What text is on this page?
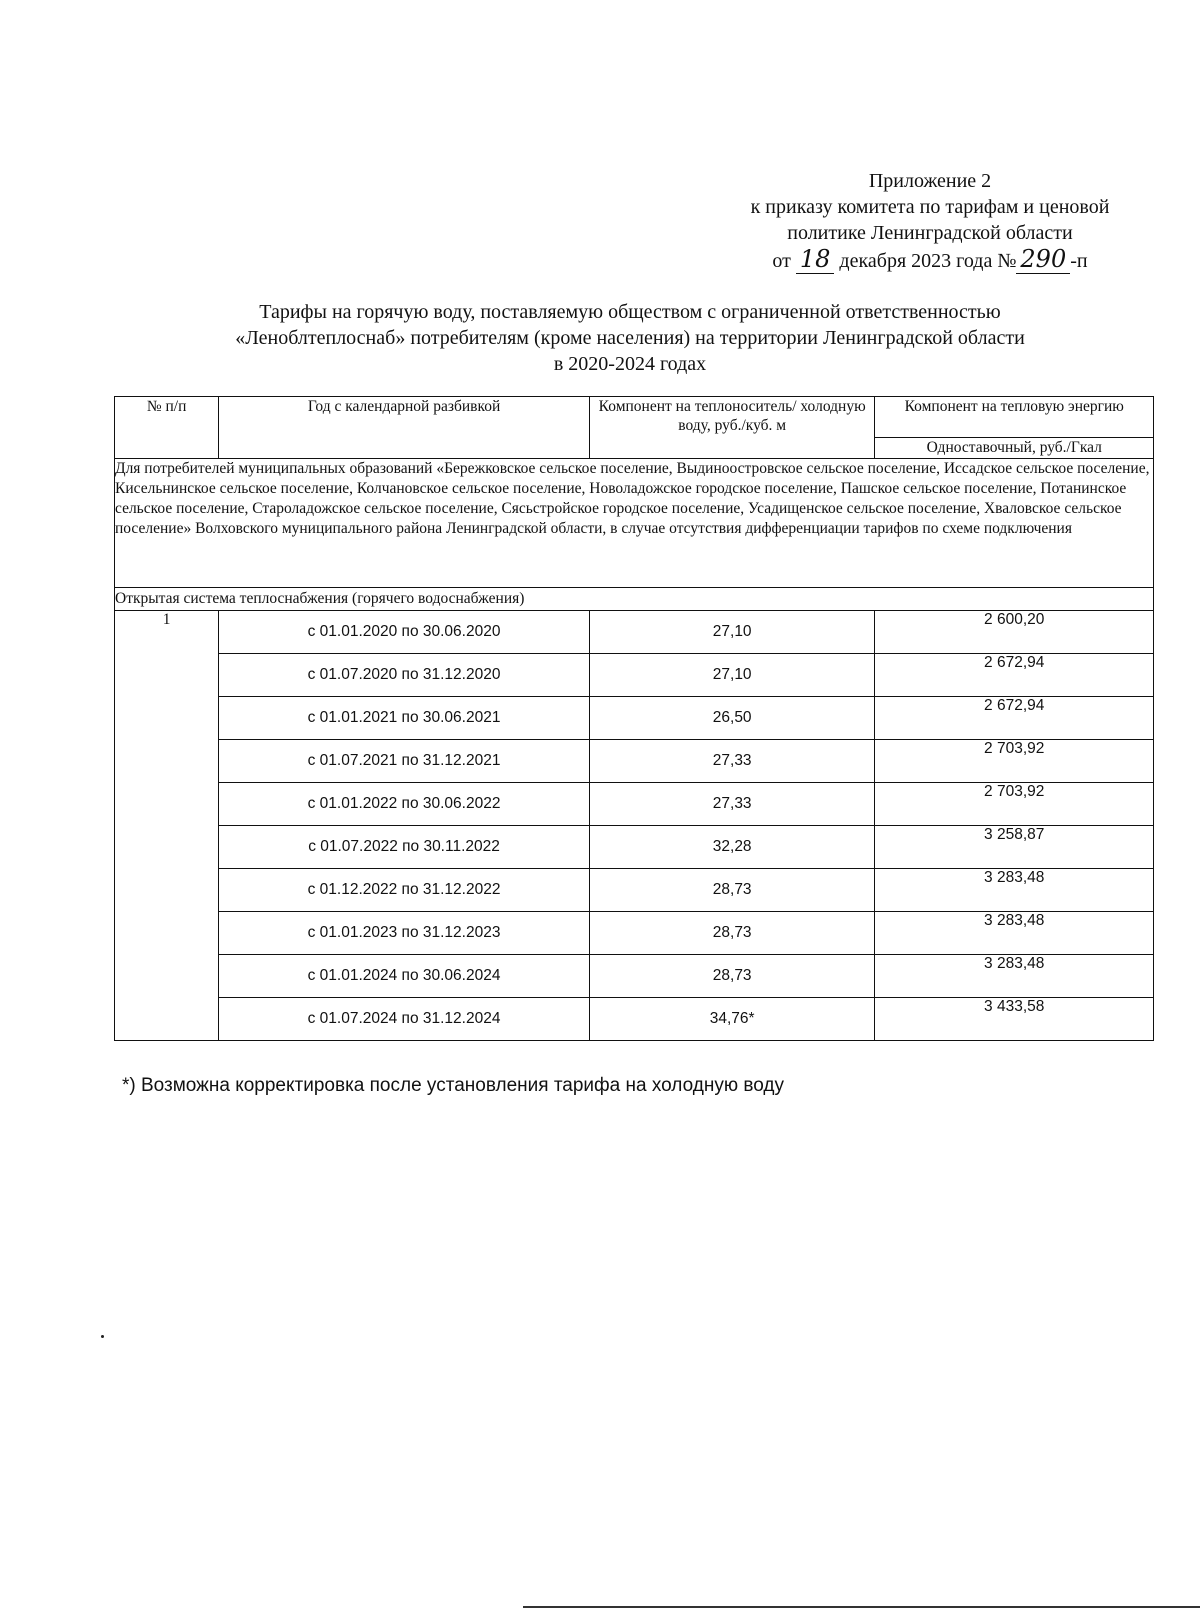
Приложение 2
к приказу комитета по тарифам и ценовой
политике Ленинградской области
от 18 декабря 2023 года № 290 -п
Тарифы на горячую воду, поставляемую обществом с ограниченной ответственностью
«Леноблтеплоснаб» потребителям (кроме населения) на территории Ленинградской области
в 2020-2024 годах
№ п/п	Год с календарной разбивкой	Компонент на теплоноситель/ холодную воду, руб./куб. м	Компонент на тепловую энергию
			Одноставочный, руб./Гкал
Для потребителей муниципальных образований «Бережковское сельское поселение, Выдиноостровское сельское поселение, Иссадское сельское поселение, Кисельнинское сельское поселение, Колчановское сельское поселение, Новоладожское городское поселение, Пашское сельское поселение, Потанинское сельское поселение, Староладожское сельское поселение, Сясьстройское городское поселение, Усадищенское сельское поселение, Хваловское сельское поселение» Волховского муниципального района Ленинградской области, в случае отсутствия дифференциации тарифов по схеме подключения			
Открытая система теплоснабжения (горячего водоснабжения)			
1	с 01.01.2020 по 30.06.2020	27,10	2 600,20
	с 01.07.2020 по 31.12.2020	27,10	2 672,94
	с 01.01.2021 по 30.06.2021	26,50	2 672,94
	с 01.07.2021 по 31.12.2021	27,33	2 703,92
	с 01.01.2022 по 30.06.2022	27,33	2 703,92
	с 01.07.2022 по 30.11.2022	32,28	3 258,87
	с 01.12.2022 по 31.12.2022	28,73	3 283,48
	с 01.01.2023 по 31.12.2023	28,73	3 283,48
	с 01.01.2024 по 30.06.2024	28,73	3 283,48
	с 01.07.2024 по 31.12.2024	34,76*	3 433,58
*) Возможна корректировка после установления тарифа на холодную воду
